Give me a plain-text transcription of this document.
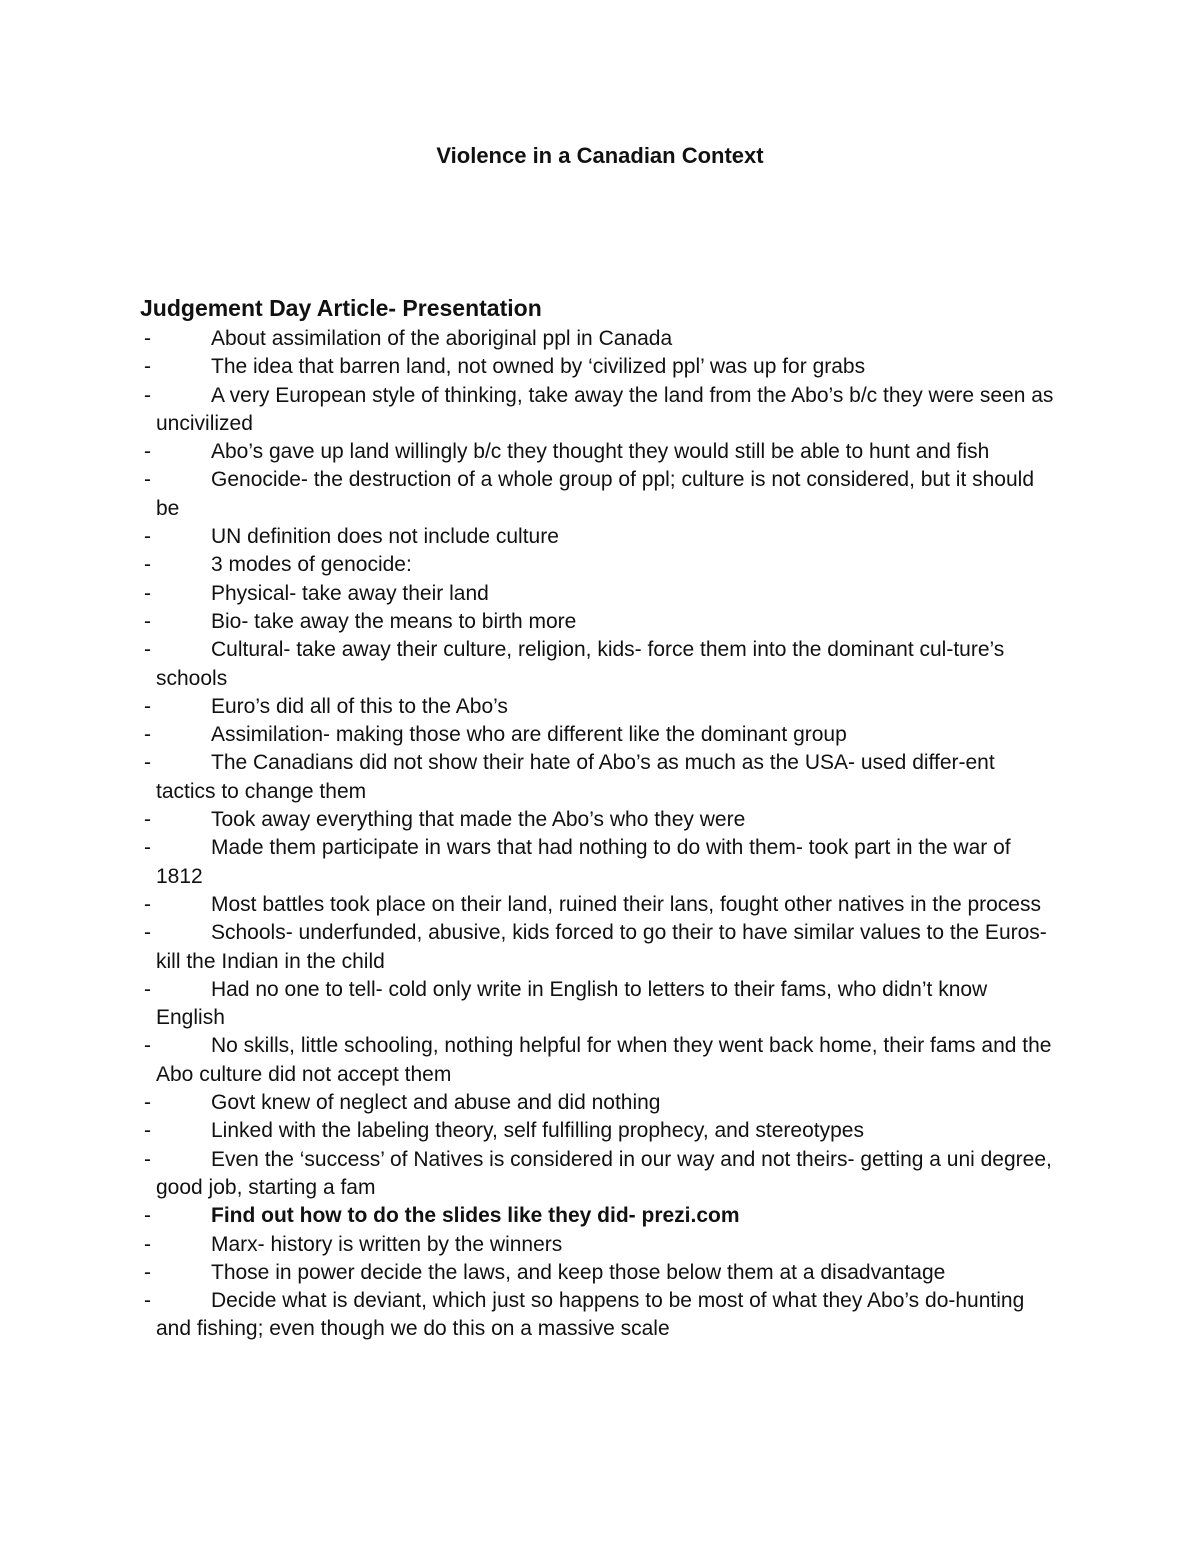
Violence in a Canadian Context
Judgement Day Article- Presentation
-	About assimilation of the aboriginal ppl in Canada
-	The idea that barren land, not owned by ‘civilized ppl’ was up for grabs
-	A very European style of thinking, take away the land from the Abo’s b/c they were seen as uncivilized
-	Abo’s gave up land willingly b/c they thought they would still be able to hunt and fish
-	Genocide- the destruction of a whole group of ppl; culture is not considered, but it should be
-	UN definition does not include culture
-	3 modes of genocide:
-	Physical- take away their land
-	Bio- take away the means to birth more
-	Cultural- take away their culture, religion, kids- force them into the dominant cul-ture’s schools
-	Euro’s did all of this to the Abo’s
-	Assimilation- making those who are different like the dominant group
-	The Canadians did not show their hate of Abo’s as much as the USA- used differ-ent tactics to change them
-	Took away everything that made the Abo’s who they were
-	Made them participate in wars that had nothing to do with them- took part in the war of 1812
-	Most battles took place on their land, ruined their lans, fought other natives in the process
-	Schools- underfunded, abusive, kids forced to go their to have similar values to the Euros- kill the Indian in the child
-	Had no one to tell- cold only write in English to letters to their fams, who didn’t know English
-	No skills, little schooling, nothing helpful for when they went back home, their fams and the Abo culture did not accept them
-	Govt knew of neglect and abuse and did nothing
-	Linked with the labeling theory, self fulfilling prophecy, and stereotypes
-	Even the ‘success’ of Natives is considered in our way and not theirs- getting a uni degree, good job, starting a fam
-	Find out how to do the slides like they did- prezi.com
-	Marx- history is written by the winners
-	Those in power decide the laws, and keep those below them at a disadvantage
-	Decide what is deviant, which just so happens to be most of what they Abo’s do-hunting and fishing; even though we do this on a massive scale
